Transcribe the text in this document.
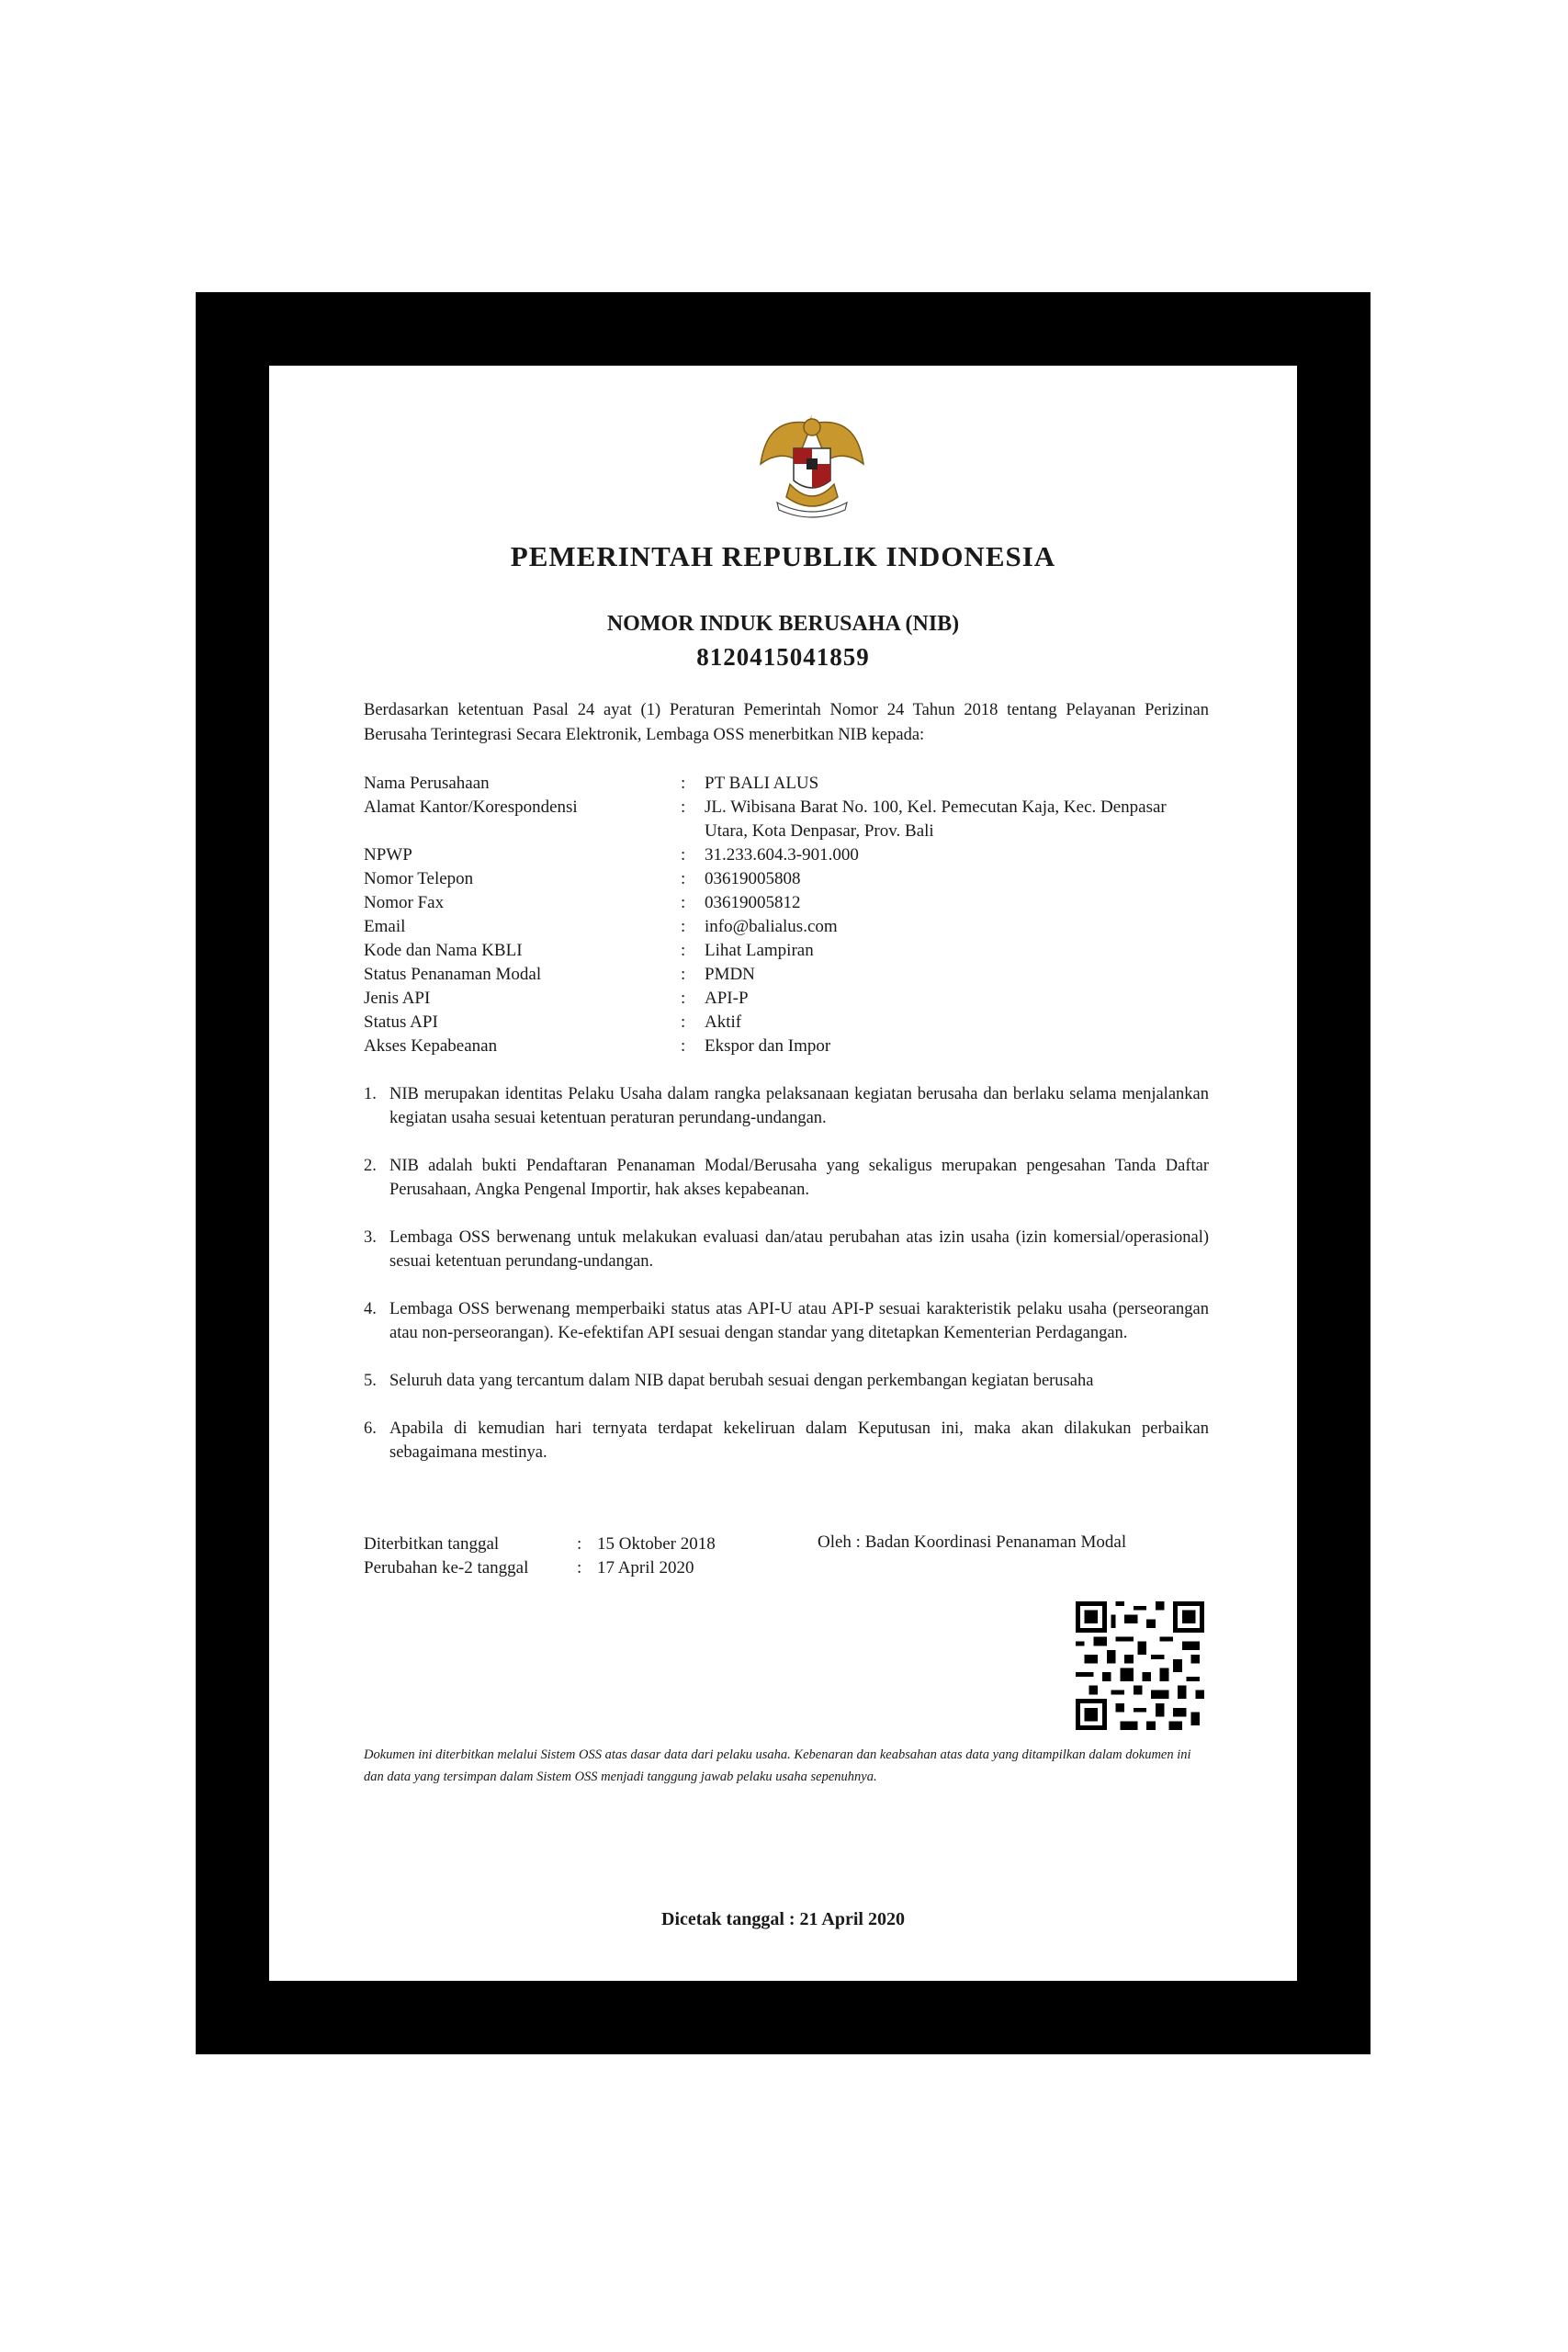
PEMERINTAH REPUBLIK INDONESIA
NOMOR INDUK BERUSAHA (NIB)
8120415041859
Berdasarkan ketentuan Pasal 24 ayat (1) Peraturan Pemerintah Nomor 24 Tahun 2018 tentang Pelayanan Perizinan Berusaha Terintegrasi Secara Elektronik, Lembaga OSS menerbitkan NIB kepada:
Nama Perusahaan	:	PT BALI ALUS
Alamat Kantor/Korespondensi	:	JL. Wibisana Barat No. 100, Kel. Pemecutan Kaja, Kec. Denpasar Utara, Kota Denpasar, Prov. Bali
NPWP	:	31.233.604.3-901.000
Nomor Telepon	:	03619005808
Nomor Fax	:	03619005812
Email	:	info@balialus.com
Kode dan Nama KBLI	:	Lihat Lampiran
Status Penanaman Modal	:	PMDN
Jenis API	:	API-P
Status API	:	Aktif
Akses Kepabeanan	:	Ekspor dan Impor
1. NIB merupakan identitas Pelaku Usaha dalam rangka pelaksanaan kegiatan berusaha dan berlaku selama menjalankan kegiatan usaha sesuai ketentuan peraturan perundang-undangan.
2. NIB adalah bukti Pendaftaran Penanaman Modal/Berusaha yang sekaligus merupakan pengesahan Tanda Daftar Perusahaan, Angka Pengenal Importir, hak akses kepabeanan.
3. Lembaga OSS berwenang untuk melakukan evaluasi dan/atau perubahan atas izin usaha (izin komersial/operasional) sesuai ketentuan perundang-undangan.
4. Lembaga OSS berwenang memperbaiki status atas API-U atau API-P sesuai karakteristik pelaku usaha (perseorangan atau non-perseorangan). Ke-efektifan API sesuai dengan standar yang ditetapkan Kementerian Perdagangan.
5. Seluruh data yang tercantum dalam NIB dapat berubah sesuai dengan perkembangan kegiatan berusaha
6. Apabila di kemudian hari ternyata terdapat kekeliruan dalam Keputusan ini, maka akan dilakukan perbaikan sebagaimana mestinya.
Diterbitkan tanggal	: 15 Oktober 2018
Perubahan ke-2 tanggal	: 17 April 2020
Oleh : Badan Koordinasi Penanaman Modal
Dokumen ini diterbitkan melalui Sistem OSS atas dasar data dari pelaku usaha. Kebenaran dan keabsahan atas data yang ditampilkan dalam dokumen ini dan data yang tersimpan dalam Sistem OSS menjadi tanggung jawab pelaku usaha sepenuhnya.
Dicetak tanggal : 21 April 2020
